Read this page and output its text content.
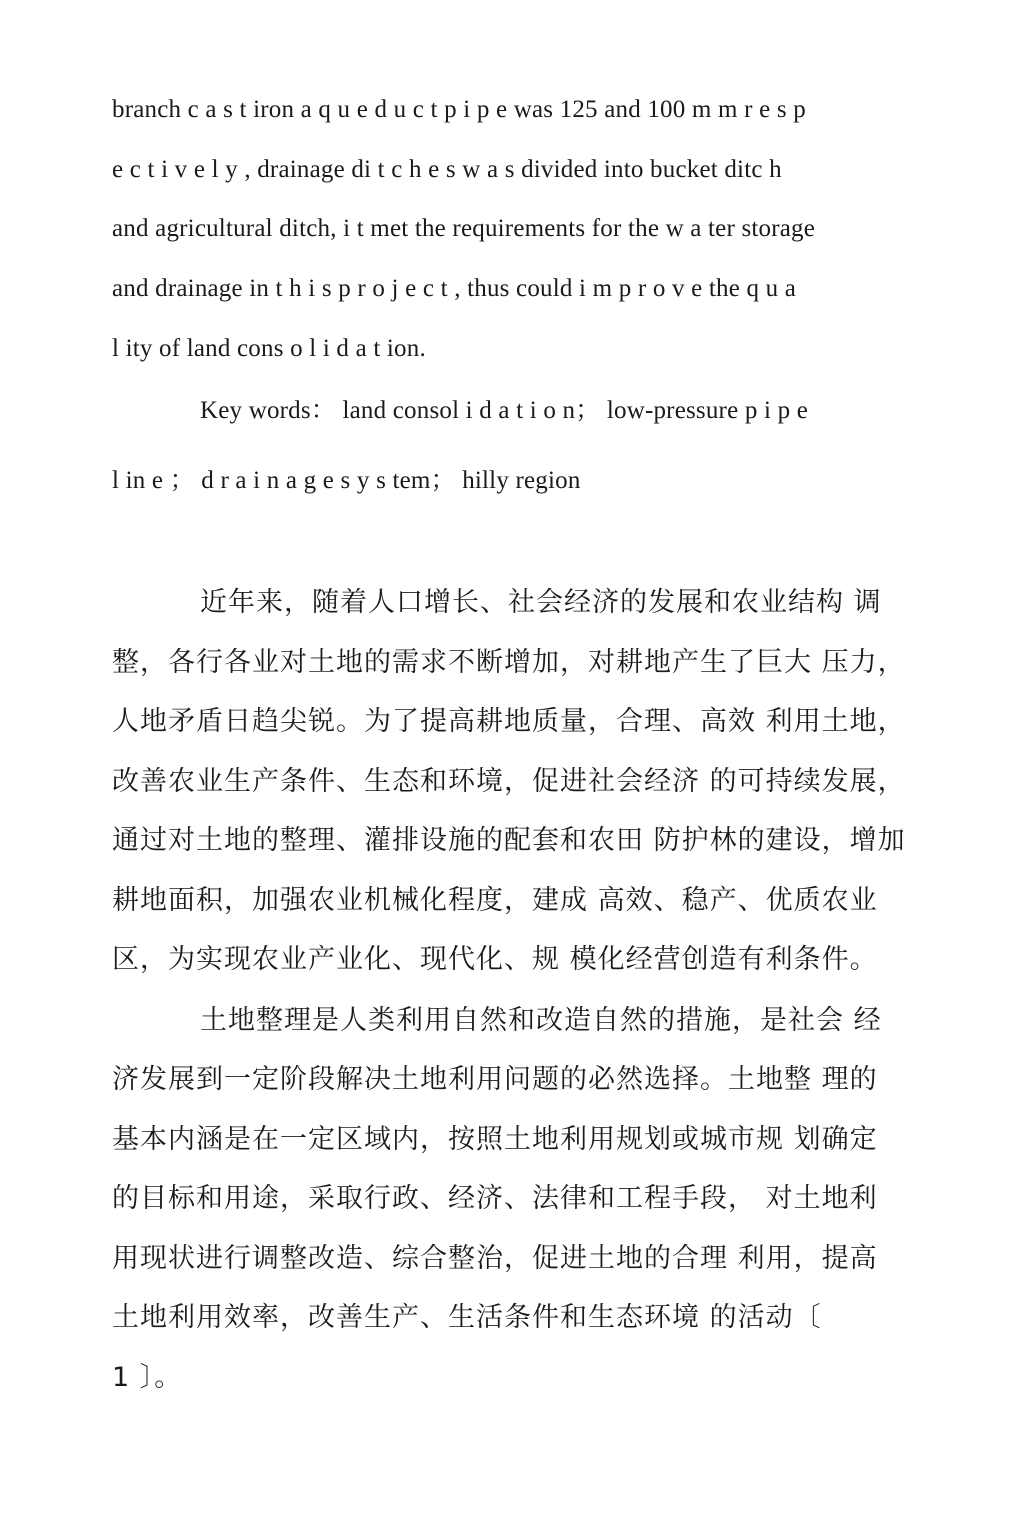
branch c a s t iron a q u e d u c t p i p e was 125 and 100 m m r e s p
e c t i v e l y , drainage di t c h e s w a s divided into bucket ditc h
and agricultural ditch, i t met the requirements for the w a ter storage
and drainage in t h i s p r o j e c t , thus could i m p r o v e the q u a
l ity of land cons o l i d a t ion.
Key words： land consol i d a t i o n； low-pressure p i p e
l in e ； d r a i n a g e s y s tem； hilly region
近年来，随着人口增长、社会经济的发展和农业结构 调
整，各行各业对土地的需求不断增加，对耕地产生了巨大 压力，
人地矛盾日趋尖锐。为了提高耕地质量，合理、高效 利用土地，
改善农业生产条件、生态和环境，促进社会经济 的可持续发展，
通过对土地的整理、灌排设施的配套和农田 防护林的建设，增加
耕地面积，加强农业机械化程度，建成 高效、稳产、优质农业
区，为实现农业产业化、现代化、规 模化经营创造有利条件。
土地整理是人类利用自然和改造自然的措施，是社会 经
济发展到一定阶段解决土地利用问题的必然选择。土地整 理的
基本内涵是在一定区域内，按照土地利用规划或城市规 划确定
的目标和用途，采取行政、经济、法律和工程手段， 对土地利
用现状进行调整改造、综合整治，促进土地的合理 利用，提高
土地利用效率，改善生产、生活条件和生态环境 的活动〔
1 〕。
